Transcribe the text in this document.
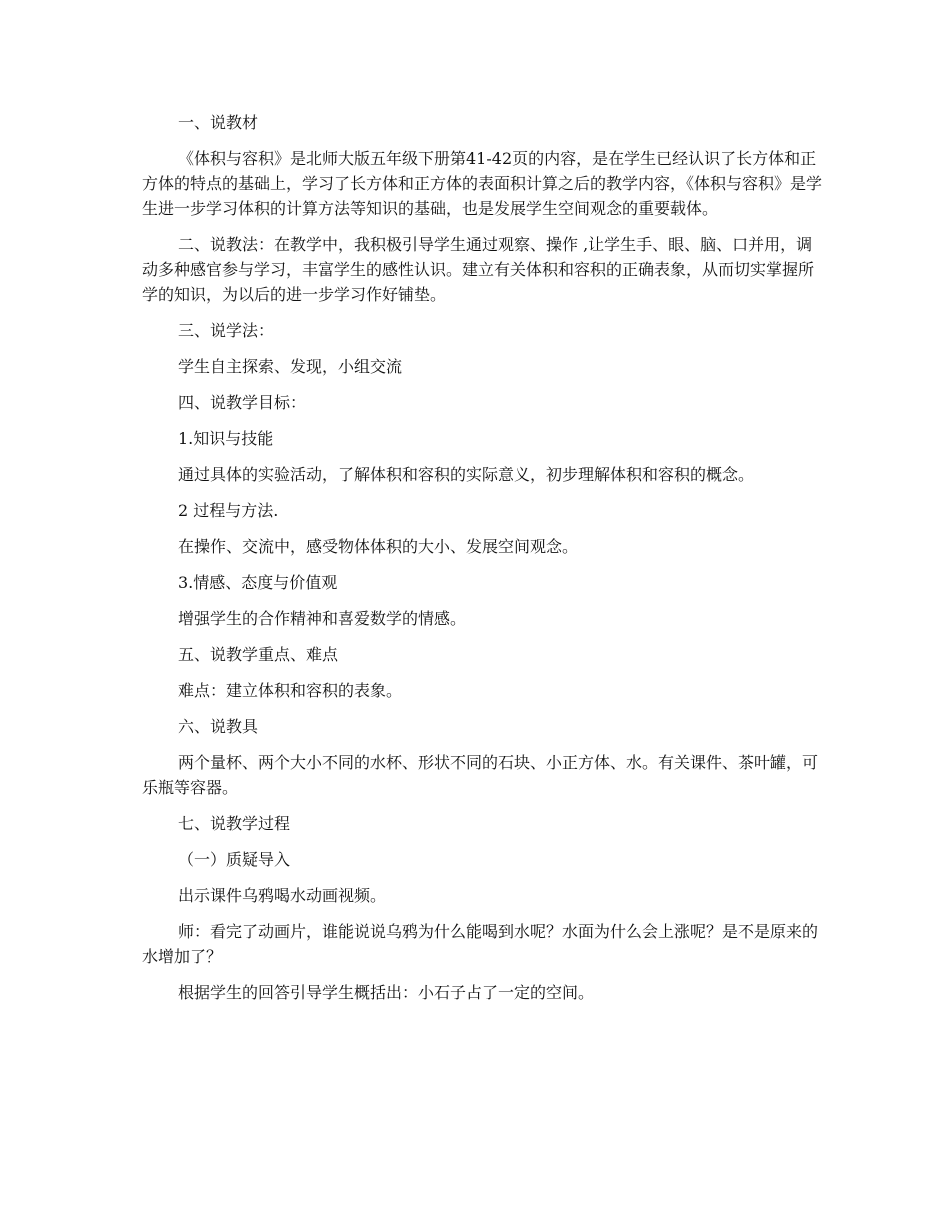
一、说教材

《体积与容积》是北师大版五年级下册第41-42页的内容，是在学生已经认识了长方体和正方体的特点的基础上，学习了长方体和正方体的表面积计算之后的教学内容，《体积与容积》是学生进一步学习体积的计算方法等知识的基础，也是发展学生空间观念的重要载体。

二、说教法：在教学中，我积极引导学生通过观察、操作 ,让学生手、眼、脑、口并用，调动多种感官参与学习，丰富学生的感性认识。建立有关体积和容积的正确表象，从而切实掌握所学的知识，为以后的进一步学习作好铺垫。

三、说学法：

学生自主探索、发现，小组交流

四、说教学目标：

1.知识与技能

通过具体的实验活动，了解体积和容积的实际意义，初步理解体积和容积的概念。

2 过程与方法.

在操作、交流中，感受物体体积的大小、发展空间观念。

3.情感、态度与价值观

增强学生的合作精神和喜爱数学的情感。

五、说教学重点、难点

难点：建立体积和容积的表象。

六、说教具

两个量杯、两个大小不同的水杯、形状不同的石块、小正方体、水。有关课件、茶叶罐，可乐瓶等容器。

七、说教学过程

（一）质疑导入

出示课件乌鸦喝水动画视频。

师：看完了动画片，谁能说说乌鸦为什么能喝到水呢？水面为什么会上涨呢？是不是原来的水增加了？

根据学生的回答引导学生概括出：小石子占了一定的空间。
